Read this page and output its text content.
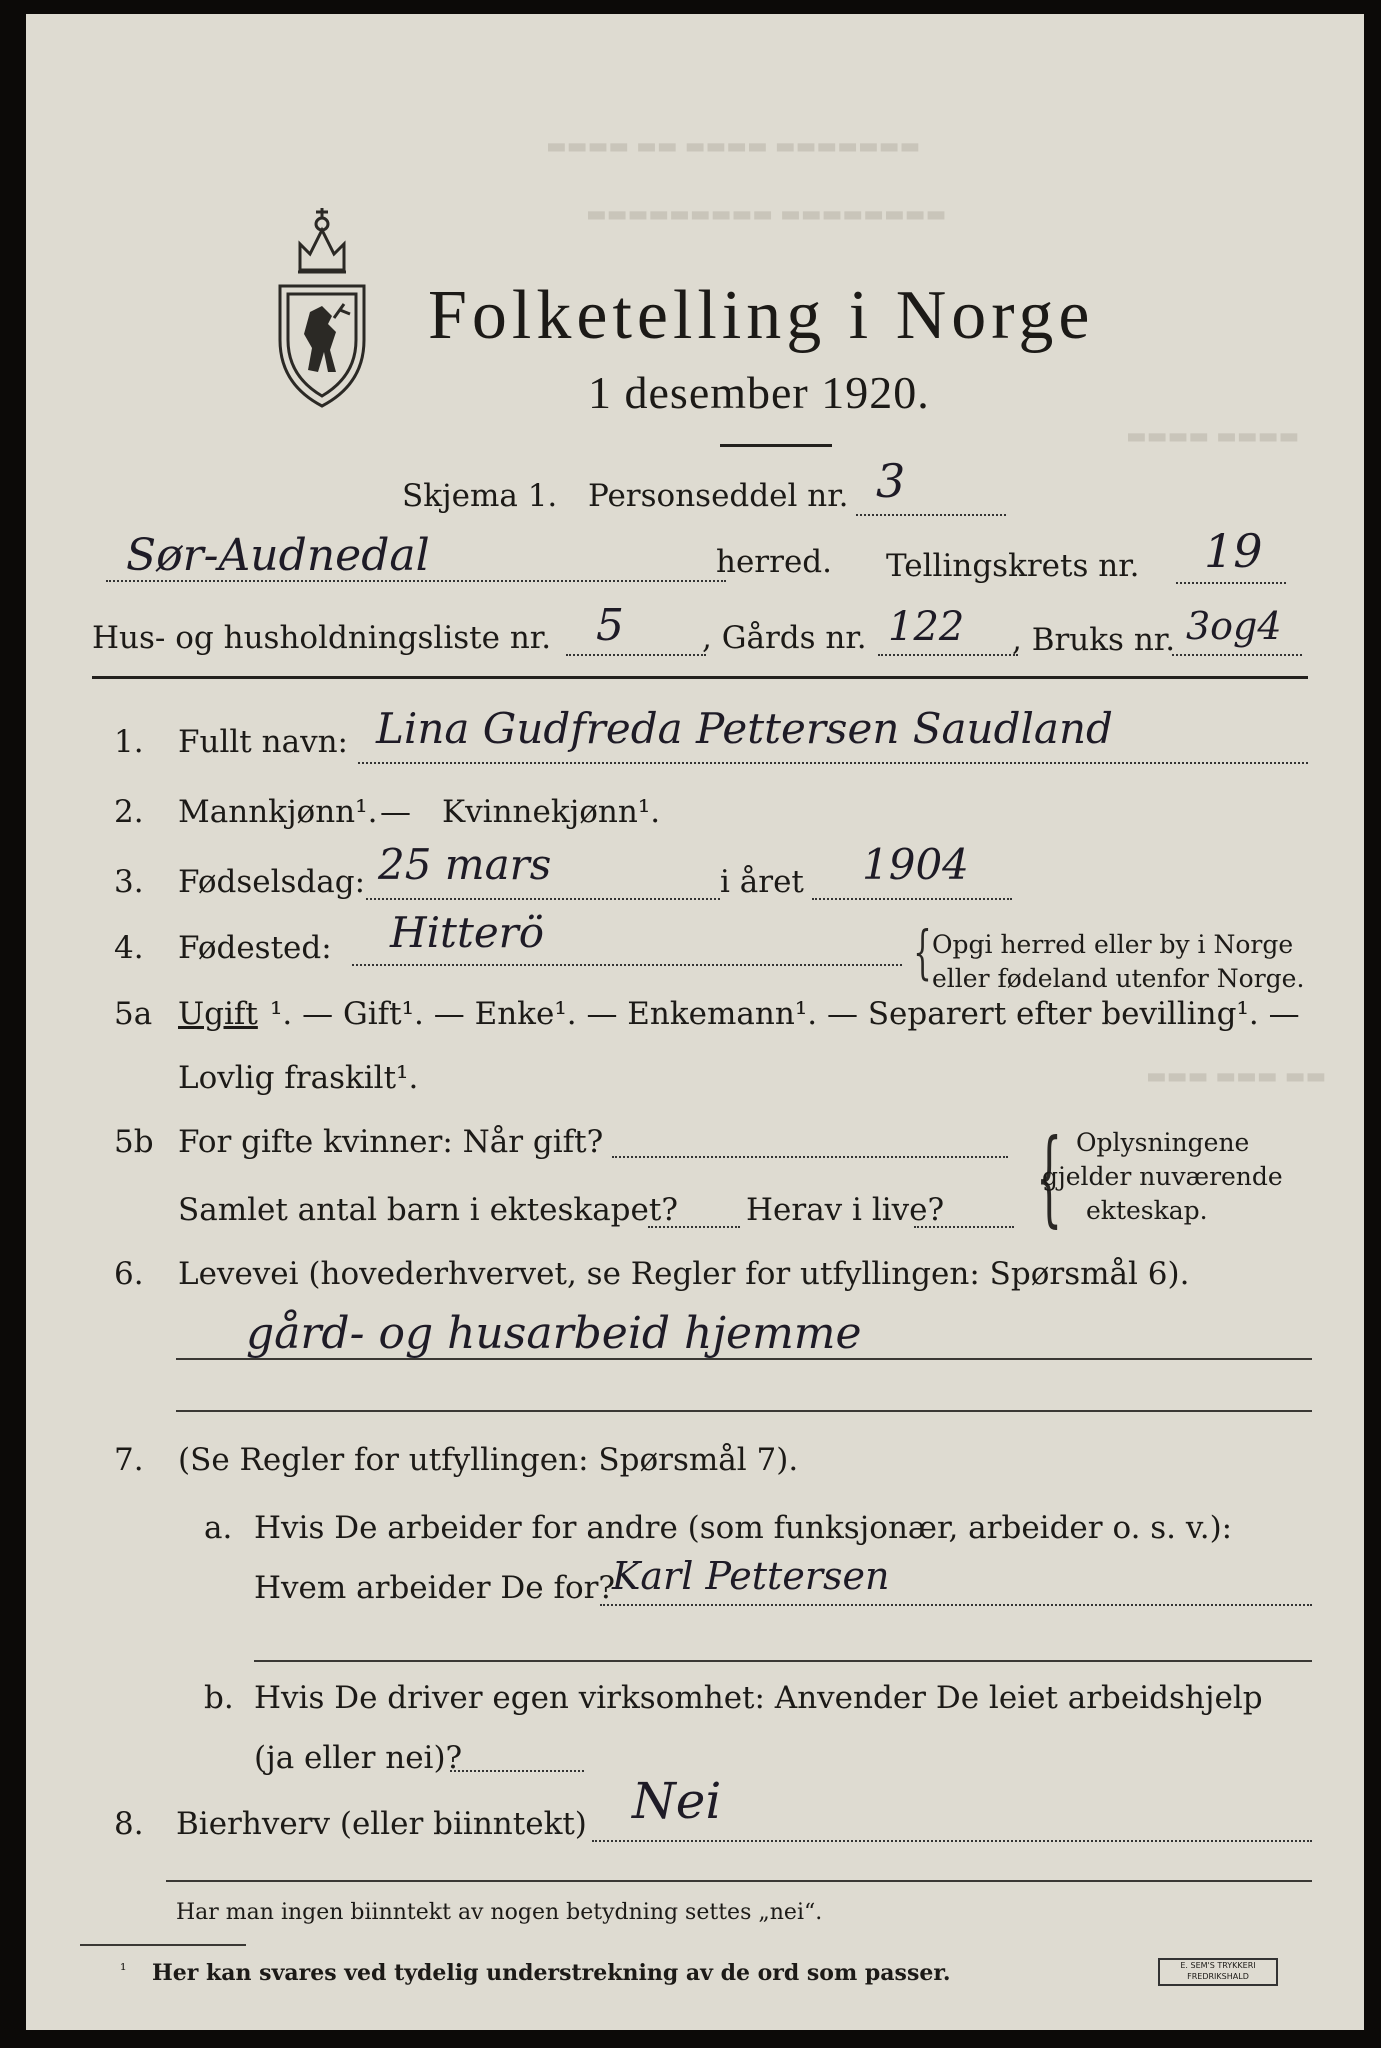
▬▬▬▬ ▬▬ ▬▬▬▬ ▬▬▬▬▬▬▬
▬▬▬▬▬▬▬▬▬ ▬▬▬▬▬▬▬▬
▬▬▬▬ ▬▬▬▬
▬▬▬ ▬▬▬ ▬▬
Folketelling i Norge
1 desember 1920.
Skjema 1. Personseddel nr. 3
Sør-Audnedal	herred. Tellingskrets nr. 19
Hus- og husholdningsliste nr. 5	, Gårds nr. 122 , Bruks nr. 3og4
1. Fullt navn: Lina Gudfreda Pettersen Saudland
2. Mannkjønn¹. — Kvinnekjønn¹.
3. Fødselsdag: 25 mars	i året 1904
4. Fødested: Hitterö	{ Opgi herred eller by i Norge
eller fødeland utenfor Norge.
5a Ugift ¹. — Gift¹. — Enke¹. — Enkemann¹. — Separert efter bevilling¹. —
Lovlig fraskilt¹.
5b For gifte kvinner: Når gift?
Samlet antal barn i ekteskapet? Herav i live? { Oplysningene
gjelder nuværende
ekteskap.
6. Levevei (hovederhvervet, se Regler for utfyllingen: Spørsmål 6).
gård- og husarbeid hjemme
7. (Se Regler for utfyllingen: Spørsmål 7).
a. Hvis De arbeider for andre (som funksjonær, arbeider o. s. v.):
Hvem arbeider De for?
Karl Pettersen
b. Hvis De driver egen virksomhet: Anvender De leiet arbeidshjelp
(ja eller nei)?
8. Bierhverv (eller biinntekt) Nei
Har man ingen biinntekt av nogen betydning settes „nei“.
¹ Her kan svares ved tydelig understrekning av de ord som passer.	E. SEM'S TRYKKERI
FREDRIKSHALD
